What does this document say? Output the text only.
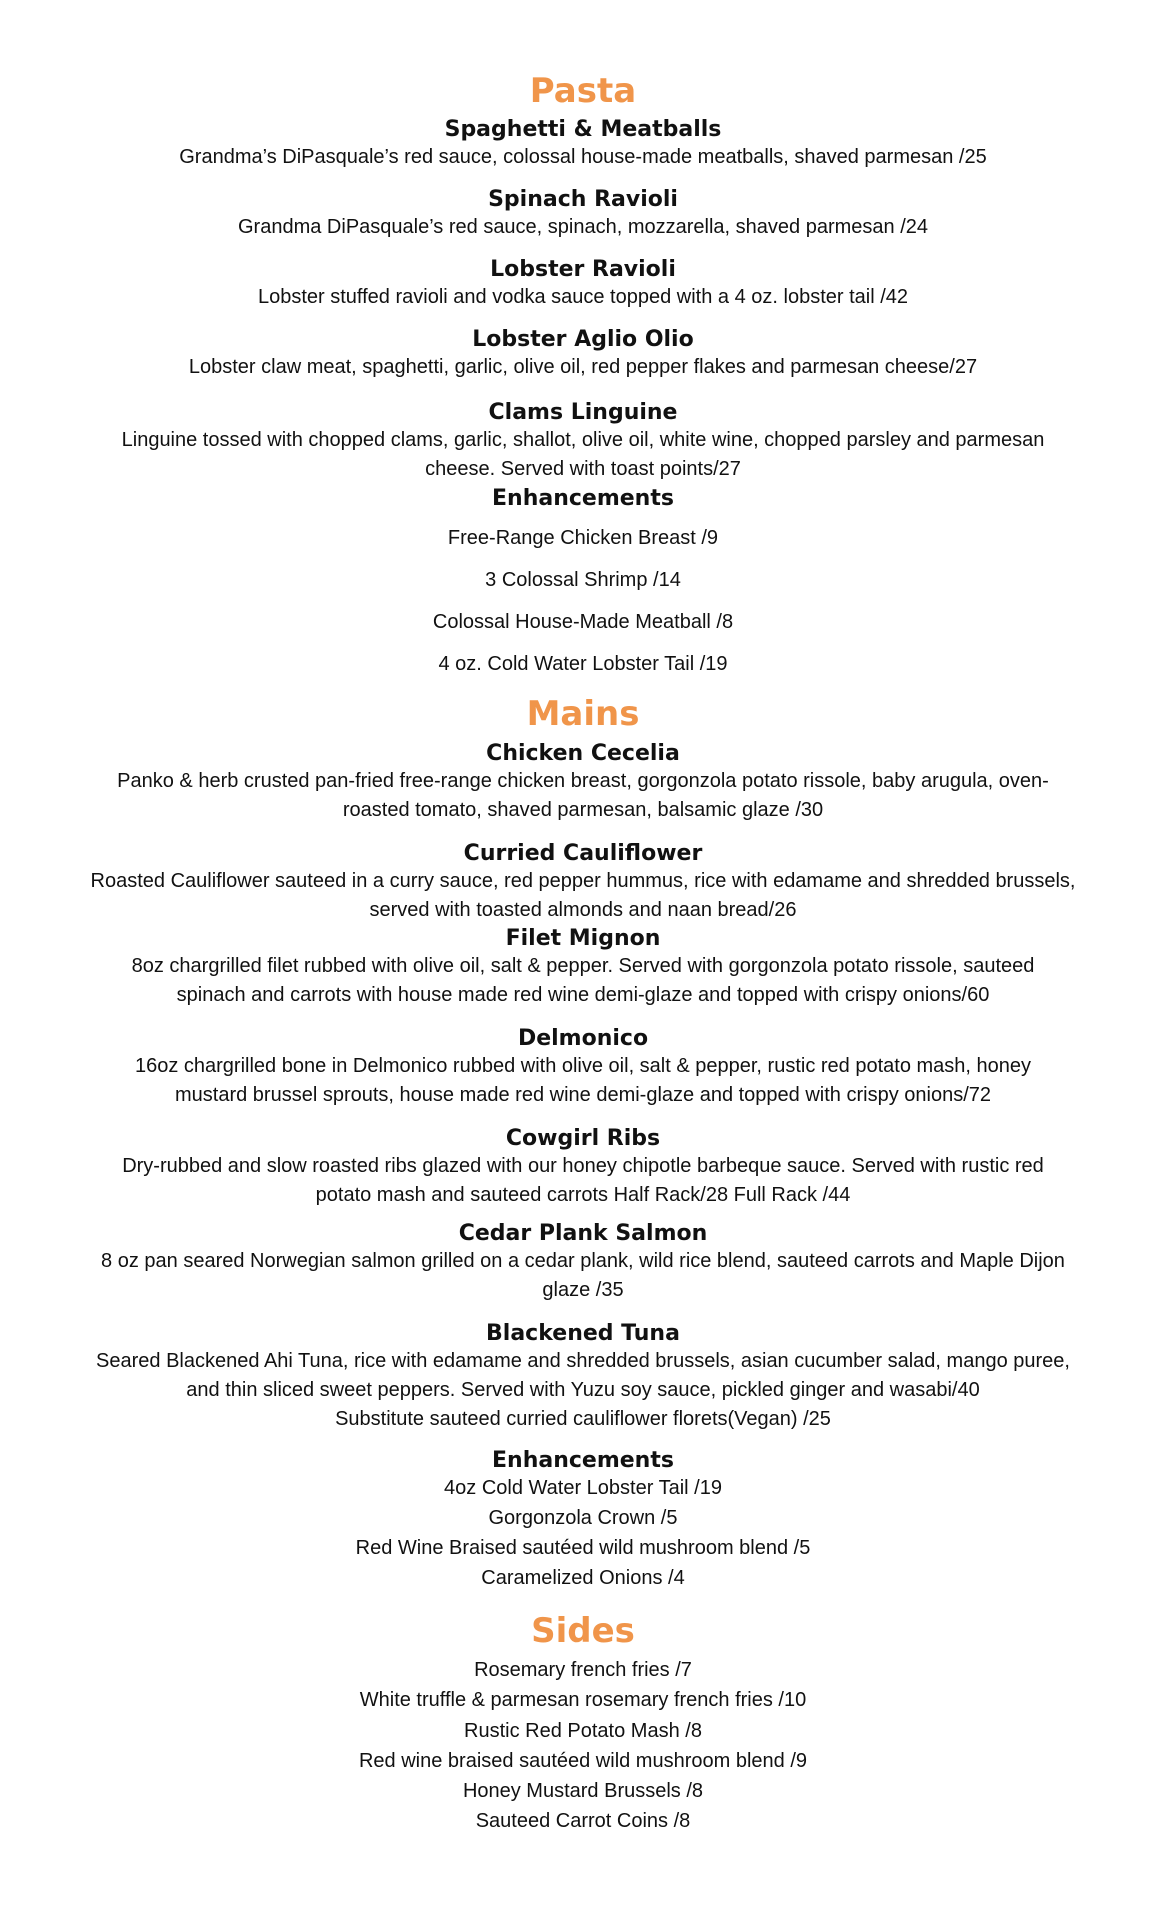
Pasta
Spaghetti & Meatballs
Grandma’s DiPasquale’s red sauce, colossal house-made meatballs, shaved parmesan /25
Spinach Ravioli
Grandma DiPasquale’s red sauce, spinach, mozzarella, shaved parmesan /24
Lobster Ravioli
Lobster stuffed ravioli and vodka sauce topped with a 4 oz. lobster tail /42
Lobster Aglio Olio
Lobster claw meat, spaghetti, garlic, olive oil, red pepper flakes and parmesan cheese/27
Clams Linguine
Linguine tossed with chopped clams, garlic, shallot, olive oil, white wine, chopped parsley and parmesan
cheese. Served with toast points/27
Enhancements
Free-Range Chicken Breast /9
3 Colossal Shrimp /14
Colossal House-Made Meatball /8
4 oz. Cold Water Lobster Tail /19
Mains
Chicken Cecelia
Panko & herb crusted pan-fried free-range chicken breast, gorgonzola potato rissole, baby arugula, oven-
roasted tomato, shaved parmesan, balsamic glaze /30
Curried Cauliflower
Roasted Cauliflower sauteed in a curry sauce, red pepper hummus, rice with edamame and shredded brussels,
served with toasted almonds and naan bread/26
Filet Mignon
8oz chargrilled filet rubbed with olive oil, salt & pepper. Served with gorgonzola potato rissole, sauteed
spinach and carrots with house made red wine demi-glaze and topped with crispy onions/60
Delmonico
16oz chargrilled bone in Delmonico rubbed with olive oil, salt & pepper, rustic red potato mash, honey
mustard brussel sprouts, house made red wine demi-glaze and topped with crispy onions/72
Cowgirl Ribs
Dry-rubbed and slow roasted ribs glazed with our honey chipotle barbeque sauce. Served with rustic red
potato mash and sauteed carrots Half Rack/28 Full Rack /44
Cedar Plank Salmon
8 oz pan seared Norwegian salmon grilled on a cedar plank, wild rice blend, sauteed carrots and Maple Dijon
glaze /35
Blackened Tuna
Seared Blackened Ahi Tuna, rice with edamame and shredded brussels, asian cucumber salad, mango puree,
and thin sliced sweet peppers. Served with Yuzu soy sauce, pickled ginger and wasabi/40
Substitute sauteed curried cauliflower florets(Vegan) /25
Enhancements
4oz Cold Water Lobster Tail /19
Gorgonzola Crown /5
Red Wine Braised sautéed wild mushroom blend /5
Caramelized Onions /4
Sides
Rosemary french fries /7
White truffle & parmesan rosemary french fries /10
Rustic Red Potato Mash /8
Red wine braised sautéed wild mushroom blend /9
Honey Mustard Brussels /8
Sauteed Carrot Coins /8
